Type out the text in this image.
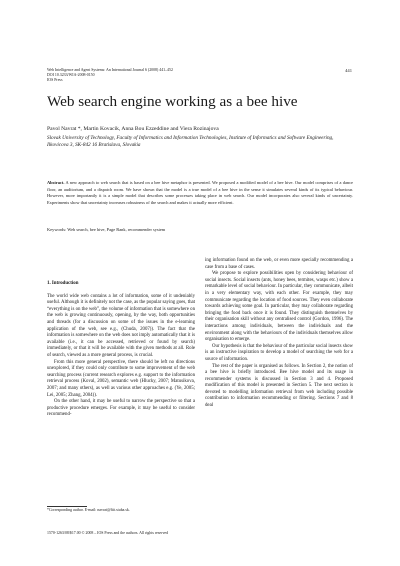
Web Intelligence and Agent Systems: An International Journal 6 (2008) 441–452
DOI 10.3233/WIA-2008-0150
IOS Press
441
Web search engine working as a bee hive
Pavol Navrat *, Martin Kovacik, Anna Bou Ezzeddine and Viera Rozinajova
Slovak University of Technology, Faculty of Informatics and Information Technologies, Institute of Informatics and Software Engineering, Ilkovicova 3, SK-842 16 Bratislava, Slovakia
Abstract. A new approach to web search that is based on a bee hive metaphor is presented. We proposed a modified model of a bee hive. Our model comprises of a dance floor, an auditorium, and a dispatch room. We have shown that the model is a true model of a bee hive in the sense it simulates several kinds of its typical behaviour. However, more importantly it is a simple model that describes some processes taking place in web search. Our model incorporates also several kinds of uncertainty. Experiments show that uncertainty increases robustness of the search and makes it actually more efficient.
Keywords: Web search, bee hive, Page Rank, recommender system
1. Introduction

The world wide web contains a lot of information, some of it undeniably useful. Although it is definitely not the case, as the popular saying goes, that “everything is on the web”, the volume of information that is somewhere on the web is growing continuously, opening, by the way, both opportunities and threads (for a discussion on some of the issues in the e-learning application of the web, see e.g., (Chuda, 2007)). The fact that the information is somewhere on the web does not imply automatically that it is available (i.e., it can be accessed, retrieved or found by search) immediately, or that it will be available with the given methods at all. Role of search, viewed as a more general process, is crucial.

From this more general perspective, there should be left no directions unexplored, if they could only contribute to some improvement of the web searching process (current research explores e.g. support to the information retrieval process (Koval, 2002), semantic web (Hlucky, 2007; Matusikova, 2007; and many others), as well as various other approaches e.g. (Ye, 2005; Lei, 2005; Zhang, 2004)).

On the other hand, it may be useful to narrow the perspective so that a productive procedure emerges. For example, it may be useful to consider recommend-

ing information found on the web, or even more specially recommending a case from a base of cases.

We propose to explore possibilities open by considering behaviour of social insects. Social insects (ants, honey bees, termites, wasps etc.) show a remarkable level of social behaviour. In particular, they communicate, albeit in a very elementary way, with each other. For example, they may communicate regarding the location of food sources. They even collaborate towards achieving some goal. In particular, they may collaborate regarding bringing the food back once it is found. They distinguish themselves by their organisation skill without any centralised control (Gordon, 1996). The interactions among individuals, between the individuals and the environment along with the behaviours of the individuals themselves allow organisation to emerge.

Our hypothesis is that the behaviour of the particular social insects show is an instructive inspiration to develop a model of searching the web for a source of information.

The rest of the paper is organised as follows. In Section 2, the notion of a bee hive is briefly introduced. Bee hive model and its usage in recommender systems is discussed in Section 3 and 4. Proposed modification of this model is presented in Section 5. The next section is devoted to modelling information retrieval from web including possible contribution to information recommending or filtering. Sections 7 and 8 deal

*Corresponding author. E-mail: navrat@fiit.stuba.sk.
1570-1263/08/$17.00 © 2008 – IOS Press and the authors. All rights reserved
